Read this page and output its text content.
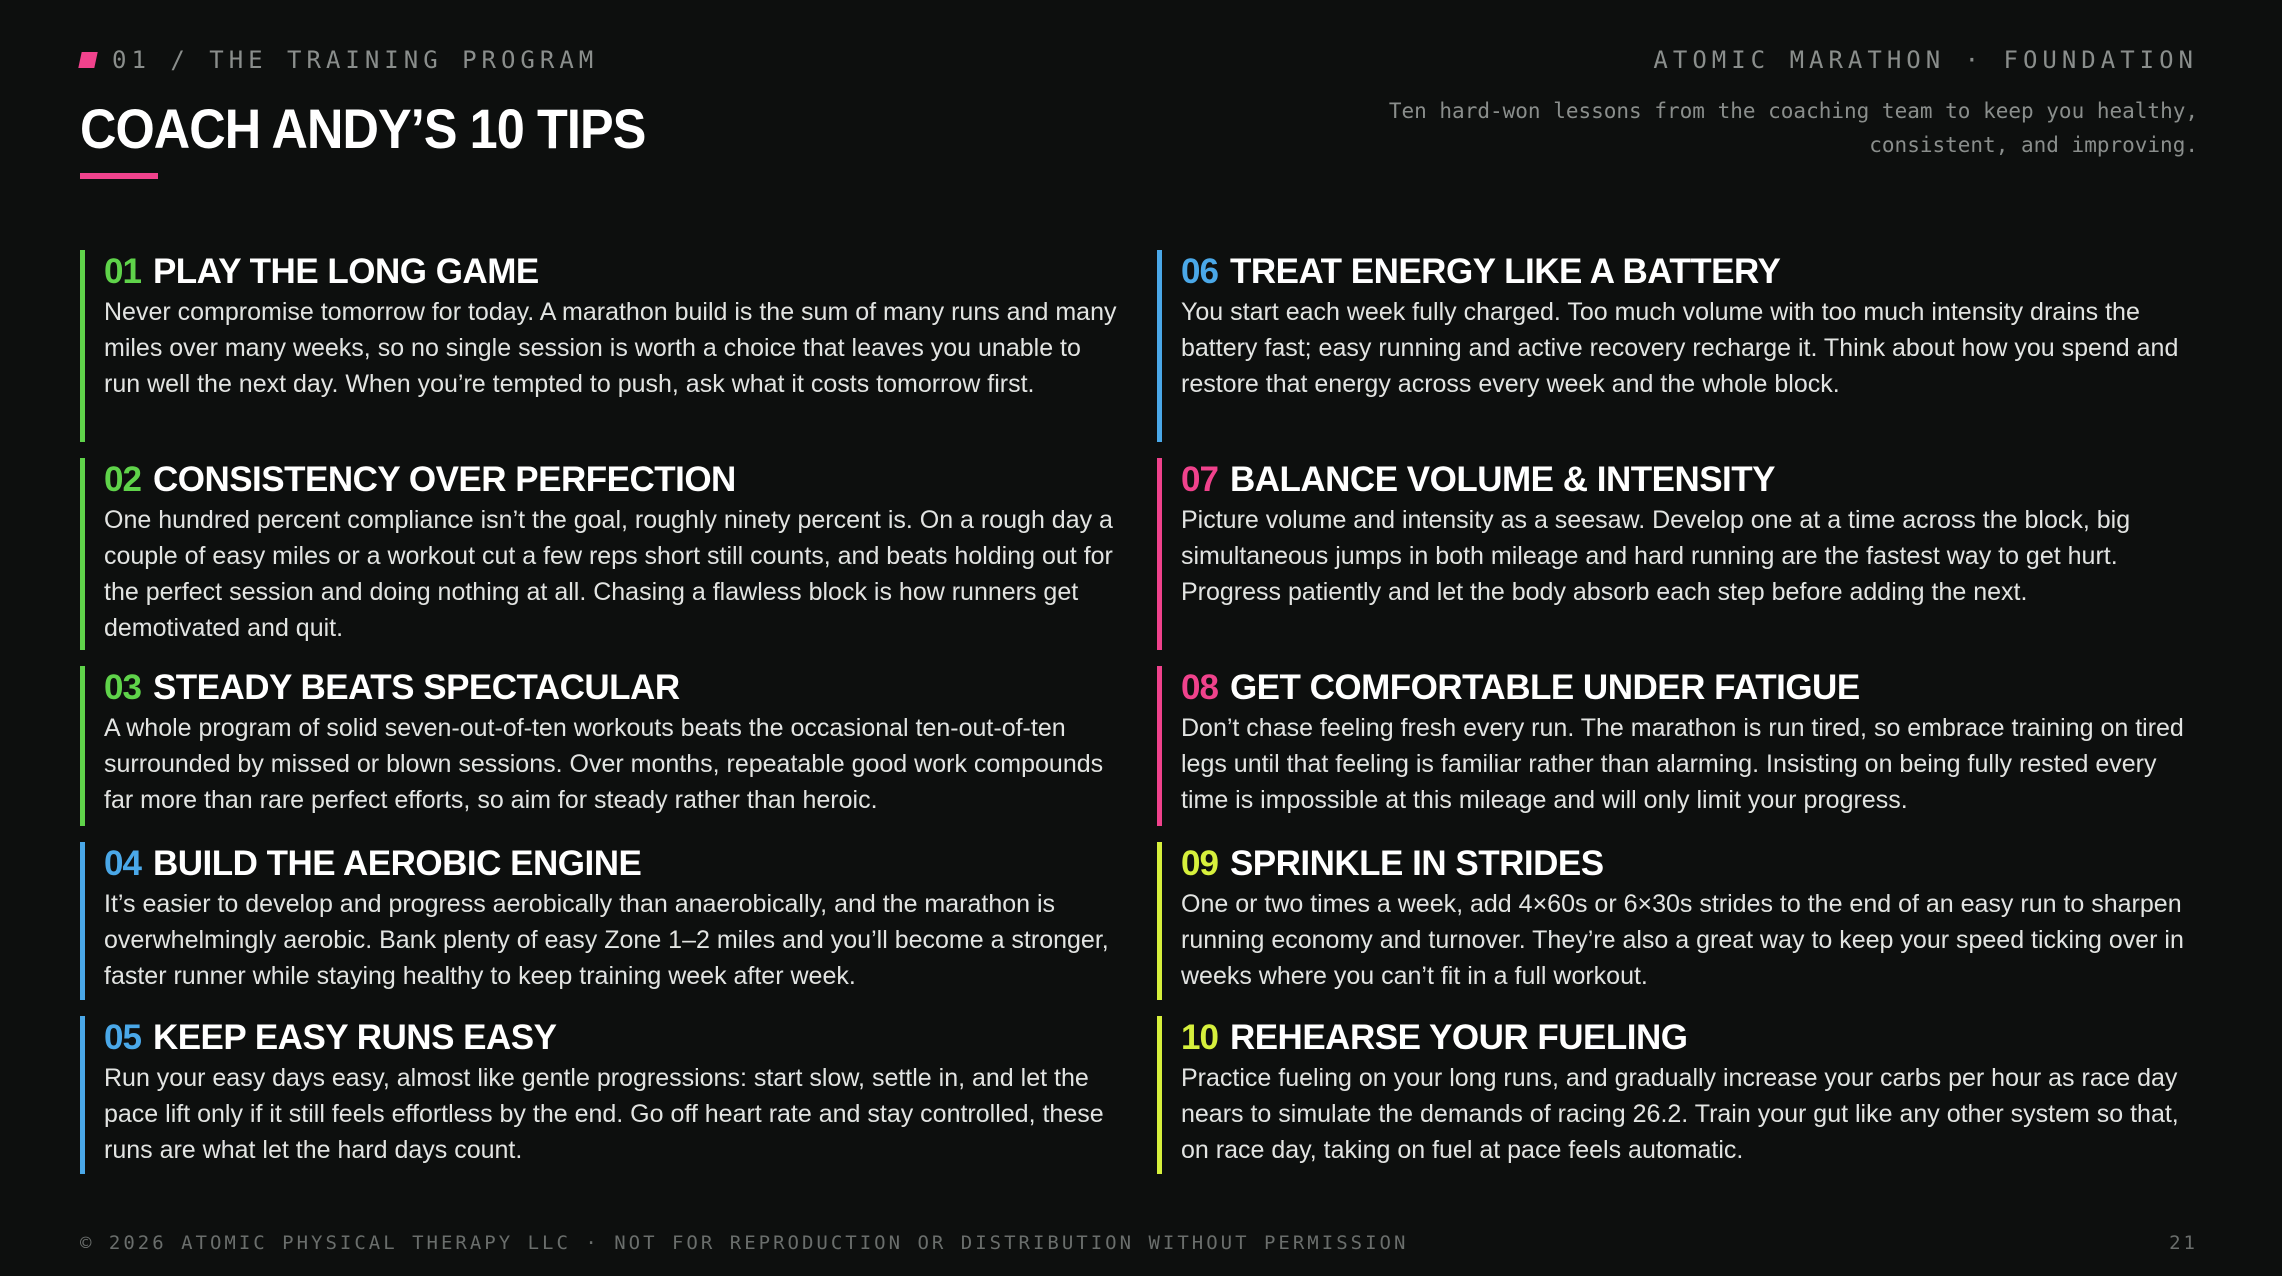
01 / THE TRAINING PROGRAM
COACH ANDY’S 10 TIPS
ATOMIC MARATHON · FOUNDATION
Ten hard-won lessons from the coaching team to keep you healthy, consistent, and improving.
01 PLAY THE LONG GAME
Never compromise tomorrow for today. A marathon build is the sum of many runs and many miles over many weeks, so no single session is worth a choice that leaves you unable to run well the next day. When you’re tempted to push, ask what it costs tomorrow first.
02 CONSISTENCY OVER PERFECTION
One hundred percent compliance isn’t the goal, roughly ninety percent is. On a rough day a couple of easy miles or a workout cut a few reps short still counts, and beats holding out for the perfect session and doing nothing at all. Chasing a flawless block is how runners get demotivated and quit.
03 STEADY BEATS SPECTACULAR
A whole program of solid seven-out-of-ten workouts beats the occasional ten-out-of-ten surrounded by missed or blown sessions. Over months, repeatable good work compounds far more than rare perfect efforts, so aim for steady rather than heroic.
04 BUILD THE AEROBIC ENGINE
It’s easier to develop and progress aerobically than anaerobically, and the marathon is overwhelmingly aerobic. Bank plenty of easy Zone 1–2 miles and you’ll become a stronger, faster runner while staying healthy to keep training week after week.
05 KEEP EASY RUNS EASY
Run your easy days easy, almost like gentle progressions: start slow, settle in, and let the pace lift only if it still feels effortless by the end. Go off heart rate and stay controlled, these runs are what let the hard days count.
06 TREAT ENERGY LIKE A BATTERY
You start each week fully charged. Too much volume with too much intensity drains the battery fast; easy running and active recovery recharge it. Think about how you spend and restore that energy across every week and the whole block.
07 BALANCE VOLUME & INTENSITY
Picture volume and intensity as a seesaw. Develop one at a time across the block, big simultaneous jumps in both mileage and hard running are the fastest way to get hurt. Progress patiently and let the body absorb each step before adding the next.
08 GET COMFORTABLE UNDER FATIGUE
Don’t chase feeling fresh every run. The marathon is run tired, so embrace training on tired legs until that feeling is familiar rather than alarming. Insisting on being fully rested every time is impossible at this mileage and will only limit your progress.
09 SPRINKLE IN STRIDES
One or two times a week, add 4×60s or 6×30s strides to the end of an easy run to sharpen running economy and turnover. They’re also a great way to keep your speed ticking over in weeks where you can’t fit in a full workout.
10 REHEARSE YOUR FUELING
Practice fueling on your long runs, and gradually increase your carbs per hour as race day nears to simulate the demands of racing 26.2. Train your gut like any other system so that, on race day, taking on fuel at pace feels automatic.
© 2026 ATOMIC PHYSICAL THERAPY LLC · NOT FOR REPRODUCTION OR DISTRIBUTION WITHOUT PERMISSION	21
